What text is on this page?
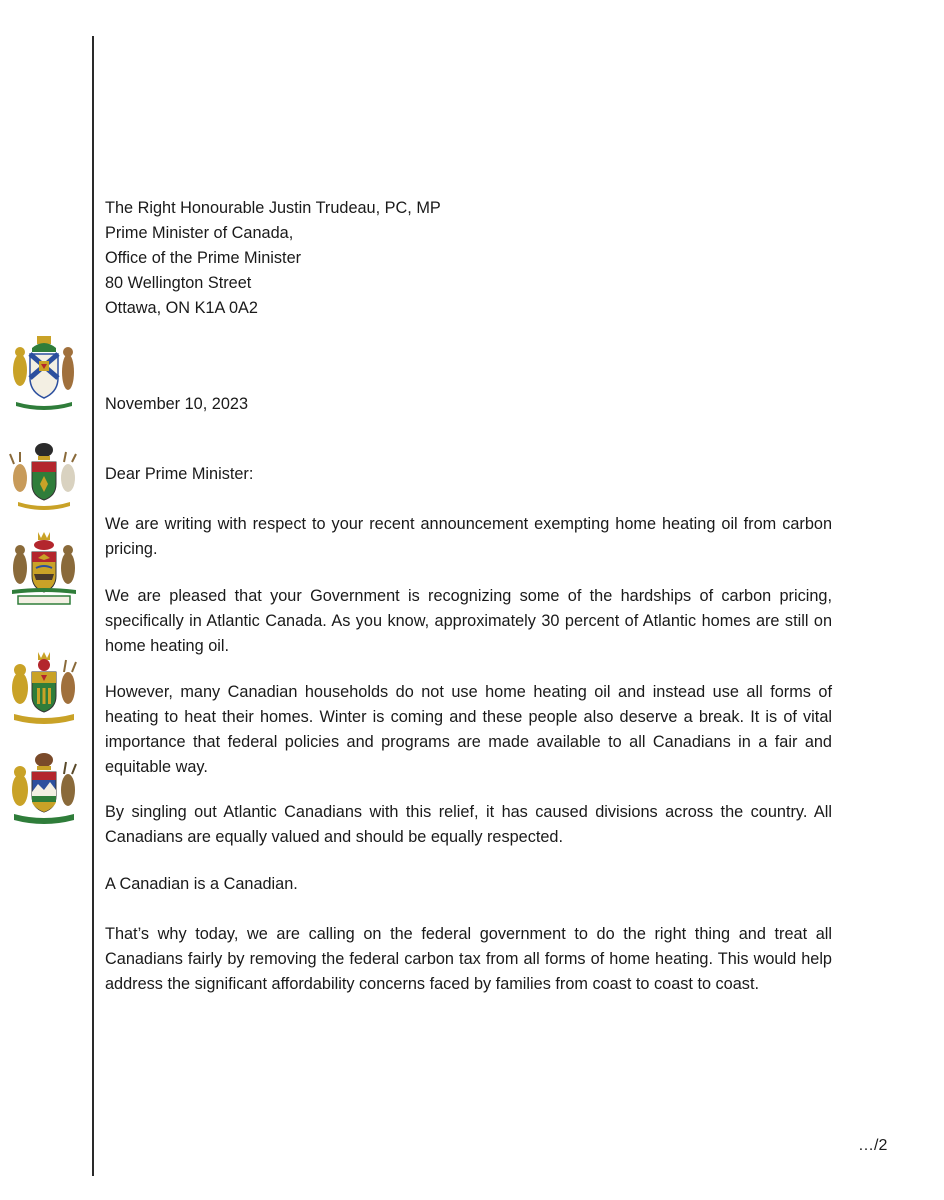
The Right Honourable Justin Trudeau, PC, MP
Prime Minister of Canada,
Office of the Prime Minister
80 Wellington Street
Ottawa, ON K1A 0A2
November 10, 2023
Dear Prime Minister:

We are writing with respect to your recent announcement exempting home heating oil from carbon pricing.

We are pleased that your Government is recognizing some of the hardships of carbon pricing, specifically in Atlantic Canada. As you know, approximately 30 percent of Atlantic homes are still on home heating oil.

However, many Canadian households do not use home heating oil and instead use all forms of heating to heat their homes. Winter is coming and these people also deserve a break. It is of vital importance that federal policies and programs are made available to all Canadians in a fair and equitable way.

By singling out Atlantic Canadians with this relief, it has caused divisions across the country. All Canadians are equally valued and should be equally respected.

A Canadian is a Canadian.

That’s why today, we are calling on the federal government to do the right thing and treat all Canadians fairly by removing the federal carbon tax from all forms of home heating. This would help address the significant affordability concerns faced by families from coast to coast to coast.

…/2
